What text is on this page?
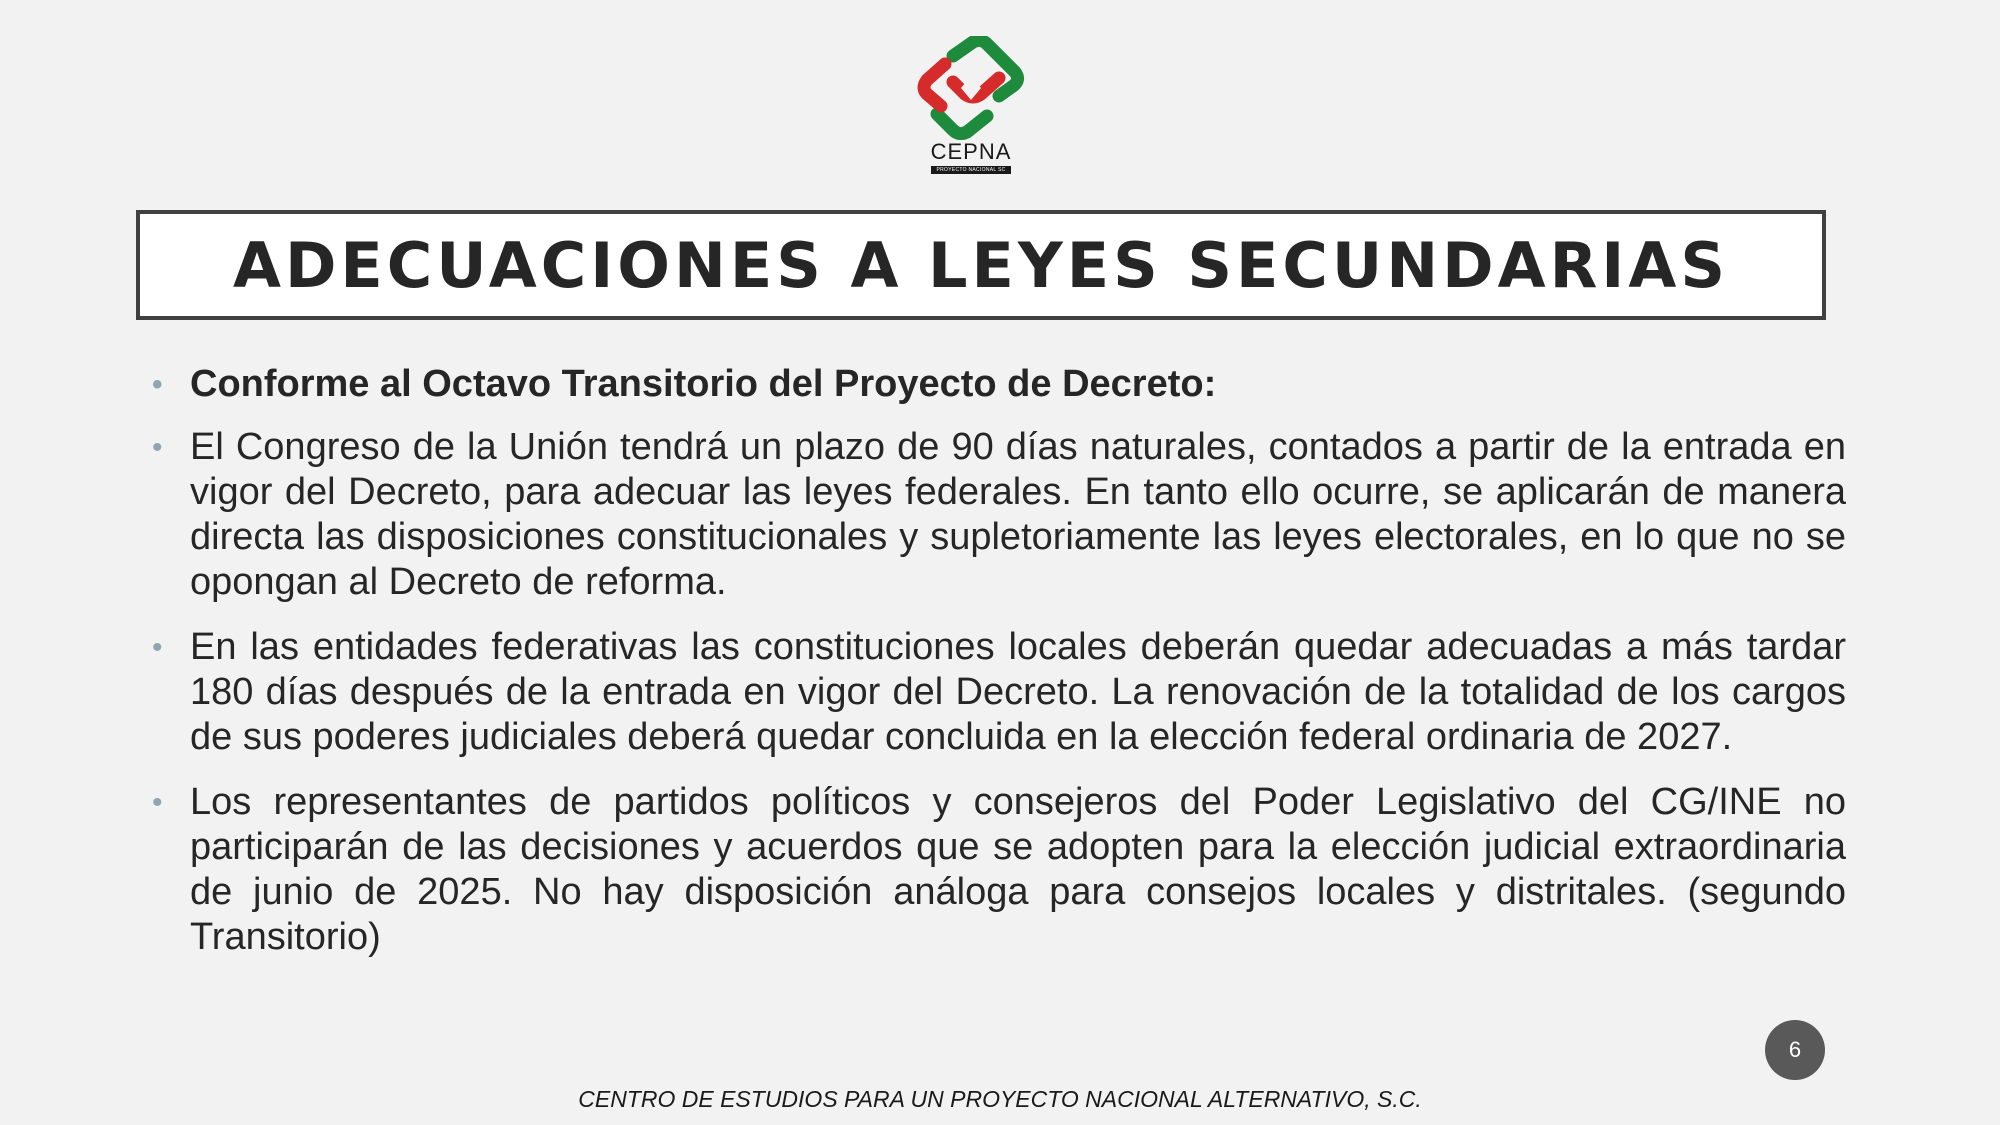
CEPNA
PROYECTO NACIONAL SC
ADECUACIONES A LEYES SECUNDARIAS
• Conforme al Octavo Transitorio del Proyecto de Decreto:
• El Congreso de la Unión tendrá un plazo de 90 días naturales, contados a partir de la entrada en vigor del Decreto, para adecuar las leyes federales. En tanto ello ocurre, se aplicarán de manera directa las disposiciones constitucionales y supletoriamente las leyes electorales, en lo que no se opongan al Decreto de reforma.
• En las entidades federativas las constituciones locales deberán quedar adecuadas a más tardar 180 días después de la entrada en vigor del Decreto. La renovación de la totalidad de los cargos de sus poderes judiciales deberá quedar concluida en la elección federal ordinaria de 2027.
• Los representantes de partidos políticos y consejeros del Poder Legislativo del CG/INE no participarán de las decisiones y acuerdos que se adopten para la elección judicial extraordinaria de junio de 2025. No hay disposición análoga para consejos locales y distritales. (segundo Transitorio)
6
CENTRO DE ESTUDIOS PARA UN PROYECTO NACIONAL ALTERNATIVO, S.C.
